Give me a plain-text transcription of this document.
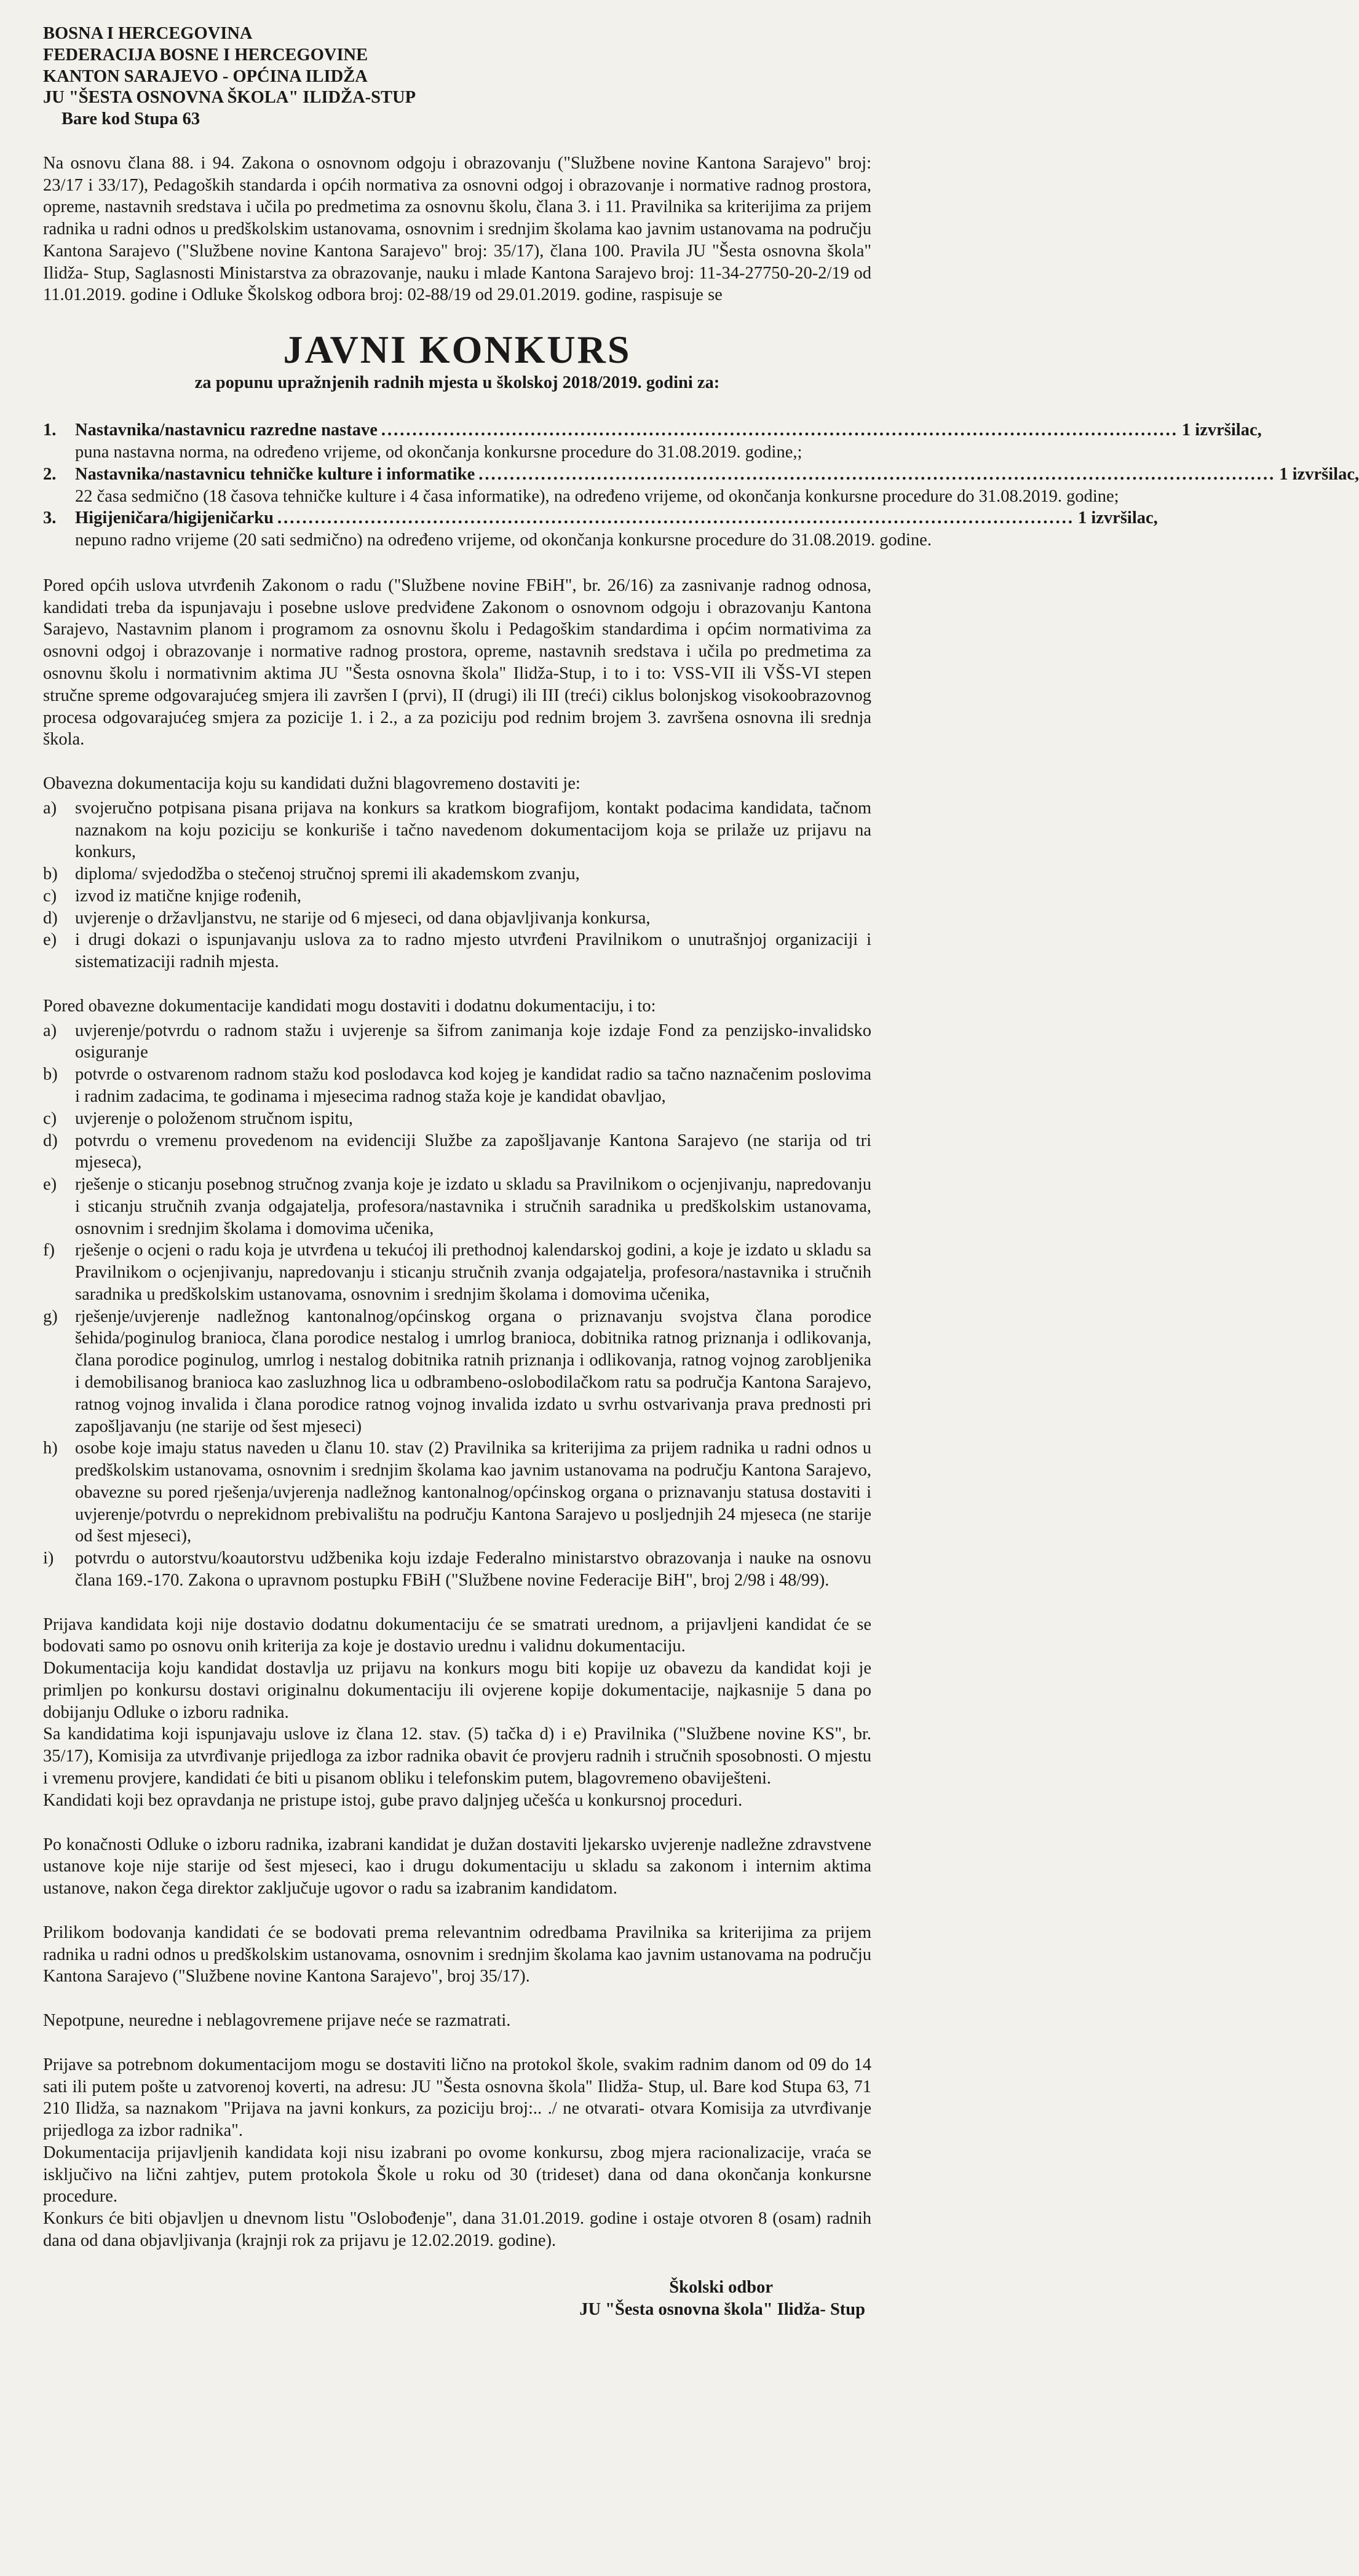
BOSNA I HERCEGOVINA
FEDERACIJA BOSNE I HERCEGOVINE
KANTON SARAJEVO - OPĆINA ILIDŽA
JU "ŠESTA OSNOVNA ŠKOLA" ILIDŽA-STUP
Bare kod Stupa 63

Na osnovu člana 88. i 94. Zakona o osnovnom odgoju i obrazovanju ("Službene novine Kantona Sarajevo" broj: 23/17 i 33/17), Pedagoških standarda i općih normativa za osnovni odgoj i obrazovanje i normative radnog prostora, opreme, nastavnih sredstava i učila po predmetima za osnovnu školu, člana 3. i 11. Pravilnika sa kriterijima za prijem radnika u radni odnos u predškolskim ustanovama, osnovnim i srednjim školama kao javnim ustanovama na području Kantona Sarajevo ("Službene novine Kantona Sarajevo" broj: 35/17), člana 100. Pravila JU "Šesta osnovna škola" Ilidža- Stup, Saglasnosti Ministarstva za obrazovanje, nauku i mlade Kantona Sarajevo broj: 11-34-27750-20-2/19 od 11.01.2019. godine i Odluke Školskog odbora broj: 02-88/19 od 29.01.2019. godine, raspisuje se

JAVNI KONKURS
za popunu upražnjenih radnih mjesta u školskoj 2018/2019. godini za:
1.	Nastavnika/nastavnicu razredne nastave ................................................................................................................................ 1 izvršilac,
puna nastavna norma, na određeno vrijeme, od okončanja konkursne procedure do 31.08.2019. godine,;
2.	Nastavnika/nastavnicu tehničke kulture i informatike ................................................................................................................................ 1 izvršilac,
22 časa sedmično (18 časova tehničke kulture i 4 časa informatike), na određeno vrijeme, od okončanja konkursne procedure do 31.08.2019. godine;
3.	Higijeničara/higijeničarku ................................................................................................................................ 1 izvršilac,
nepuno radno vrijeme (20 sati sedmično) na određeno vrijeme, od okončanja konkursne procedure do 31.08.2019. godine.

Pored općih uslova utvrđenih Zakonom o radu ("Službene novine FBiH", br. 26/16) za zasnivanje radnog odnosa, kandidati treba da ispunjavaju i posebne uslove predviđene Zakonom o osnovnom odgoju i obrazovanju Kantona Sarajevo, Nastavnim planom i programom za osnovnu školu i Pedagoškim standardima i općim normativima za osnovni odgoj i obrazovanje i normative radnog prostora, opreme, nastavnih sredstava i učila po predmetima za osnovnu školu i normativnim aktima JU "Šesta osnovna škola" Ilidža-Stup, i to i to: VSS-VII ili VŠS-VI stepen stručne spreme odgovarajućeg smjera ili završen I (prvi), II (drugi) ili III (treći) ciklus bolonjskog visokoobrazovnog procesa odgovarajućeg smjera za pozicije 1. i 2., a za poziciju pod rednim brojem 3. završena osnovna ili srednja škola.

Obavezna dokumentacija koju su kandidati dužni blagovremeno dostaviti je:
a)	svojeručno potpisana pisana prijava na konkurs sa kratkom biografijom, kontakt podacima kandidata, tačnom naznakom na koju poziciju se konkuriše i tačno navedenom dokumentacijom koja se prilaže uz prijavu na konkurs,
b) diploma/ svjedodžba o stečenoj stručnoj spremi ili akademskom zvanju,
c)	izvod iz matične knjige rođenih,
d) uvjerenje o državljanstvu, ne starije od 6 mjeseci, od dana objavljivanja konkursa,
e)	i drugi dokazi o ispunjavanju uslova za to radno mjesto utvrđeni Pravilnikom o unutrašnjoj organizaciji i sistematizaciji radnih mjesta.
Pored obavezne dokumentacije kandidati mogu dostaviti i dodatnu dokumentaciju, i to:
a)	uvjerenje/potvrdu o radnom stažu i uvjerenje sa šifrom zanimanja koje izdaje Fond za penzijsko-invalidsko osiguranje
b) potvrde o ostvarenom radnom stažu kod poslodavca kod kojeg je kandidat radio sa tačno naznačenim poslovima i radnim zadacima, te godinama i mjesecima radnog staža koje je kandidat obavljao,
c)	uvjerenje o položenom stručnom ispitu,
d) potvrdu o vremenu provedenom na evidenciji Službe za zapošljavanje Kantona Sarajevo (ne starija od tri mjeseca),
e)	rješenje o sticanju posebnog stručnog zvanja koje je izdato u skladu sa Pravilnikom o ocjenjivanju, napredovanju i sticanju stručnih zvanja odgajatelja, profesora/nastavnika i stručnih saradnika u predškolskim ustanovama, osnovnim i srednjim školama i domovima učenika,
f)	rješenje o ocjeni o radu koja je utvrđena u tekućoj ili prethodnoj kalendarskoj godini, a koje je izdato u skladu sa Pravilnikom o ocjenjivanju, napredovanju i sticanju stručnih zvanja odgajatelja, profesora/nastavnika i stručnih saradnika u predškolskim ustanovama, osnovnim i srednjim školama i domovima učenika,
g) rješenje/uvjerenje nadležnog kantonalnog/općinskog organa o priznavanju svojstva člana porodice šehida/poginulog branioca, člana porodice nestalog i umrlog branioca, dobitnika ratnog priznanja i odlikovanja, člana porodice poginulog, umrlog i nestalog dobitnika ratnih priznanja i odlikovanja, ratnog vojnog zarobljenika i demobilisanog branioca kao zasluzhnog lica u odbrambeno-oslobodilačkom ratu sa područja Kantona Sarajevo, ratnog vojnog invalida i člana porodice ratnog vojnog invalida izdato u svrhu ostvarivanja prava prednosti pri zapošljavanju (ne starije od šest mjeseci)
h) osobe koje imaju status naveden u članu 10. stav (2) Pravilnika sa kriterijima za prijem radnika u radni odnos u predškolskim ustanovama, osnovnim i srednjim školama kao javnim ustanovama na području Kantona Sarajevo, obavezne su pored rješenja/uvjerenja nadležnog kantonalnog/općinskog organa o priznavanju statusa dostaviti i uvjerenje/potvrdu o neprekidnom prebivalištu na području Kantona Sarajevo u posljednjih 24 mjeseca (ne starije od šest mjeseci),
i)	potvrdu o autorstvu/koautorstvu udžbenika koju izdaje Federalno ministarstvo obrazovanja i nauke na osnovu člana 169.-170. Zakona o upravnom postupku FBiH ("Službene novine Federacije BiH", broj 2/98 i 48/99).
Prijava kandidata koji nije dostavio dodatnu dokumentaciju će se smatrati urednom, a prijavljeni kandidat će se bodovati samo po osnovu onih kriterija za koje je dostavio urednu i validnu dokumentaciju.
Dokumentacija koju kandidat dostavlja uz prijavu na konkurs mogu biti kopije uz obavezu da kandidat koji je primljen po konkursu dostavi originalnu dokumentaciju ili ovjerene kopije dokumentacije, najkasnije 5 dana po dobijanju Odluke o izboru radnika.
Sa kandidatima koji ispunjavaju uslove iz člana 12. stav. (5) tačka d) i e) Pravilnika ("Službene novine KS", br. 35/17), Komisija za utvrđivanje prijedloga za izbor radnika obavit će provjeru radnih i stručnih sposobnosti. O mjestu i vremenu provjere, kandidati će biti u pisanom obliku i telefonskim putem, blagovremeno obaviješteni.
Kandidati koji bez opravdanja ne pristupe istoj, gube pravo daljnjeg učešća u konkursnoj proceduri.

Po konačnosti Odluke o izboru radnika, izabrani kandidat je dužan dostaviti ljekarsko uvjerenje nadležne zdravstvene ustanove koje nije starije od šest mjeseci, kao i drugu dokumentaciju u skladu sa zakonom i internim aktima ustanove, nakon čega direktor zaključuje ugovor o radu sa izabranim kandidatom.

Prilikom bodovanja kandidati će se bodovati prema relevantnim odredbama Pravilnika sa kriterijima za prijem radnika u radni odnos u predškolskim ustanovama, osnovnim i srednjim školama kao javnim ustanovama na području Kantona Sarajevo ("Službene novine Kantona Sarajevo", broj 35/17).

Nepotpune, neuredne i neblagovremene prijave neće se razmatrati.

Prijave sa potrebnom dokumentacijom mogu se dostaviti lično na protokol škole, svakim radnim danom od 09 do 14 sati ili putem pošte u zatvorenoj koverti, na adresu: JU "Šesta osnovna škola" Ilidža- Stup, ul. Bare kod Stupa 63, 71 210 Ilidža, sa naznakom "Prijava na javni konkurs, za poziciju broj:.. ./ ne otvarati- otvara Komisija za utvrđivanje prijedloga za izbor radnika".
Dokumentacija prijavljenih kandidata koji nisu izabrani po ovome konkursu, zbog mjera racionalizacije, vraća se isključivo na lični zahtjev, putem protokola Škole u roku od 30 (trideset) dana od dana okončanja konkursne procedure.
Konkurs će biti objavljen u dnevnom listu "Oslobođenje", dana 31.01.2019. godine i ostaje otvoren 8 (osam) radnih dana od dana objavljivanja (krajnji rok za prijavu je 12.02.2019. godine).
Školski odbor
JU "Šesta osnovna škola" Ilidža- Stup
